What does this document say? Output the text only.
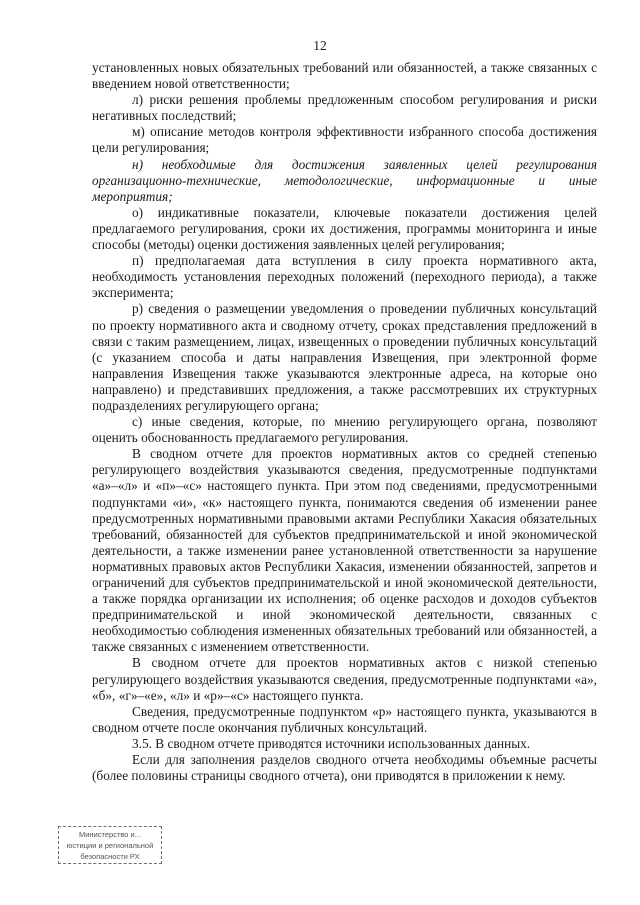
12

установленных новых обязательных требований или обязанностей, а также связанных с введением новой ответственности;

л) риски решения проблемы предложенным способом регулирования и риски негативных последствий;

м) описание методов контроля эффективности избранного способа достижения цели регулирования;

н) необходимые для достижения заявленных целей регулирования организационно-технические, методологические, информационные и иные мероприятия;

о) индикативные показатели, ключевые показатели достижения целей предлагаемого регулирования, сроки их достижения, программы мониторинга и иные способы (методы) оценки достижения заявленных целей регулирования;

п) предполагаемая дата вступления в силу проекта нормативного акта, необходимость установления переходных положений (переходного периода), а также эксперимента;

р) сведения о размещении уведомления о проведении публичных консультаций по проекту нормативного акта и сводному отчету, сроках представления предложений в связи с таким размещением, лицах, извещенных о проведении публичных консультаций (с указанием способа и даты направления Извещения, при электронной форме направления Извещения также указываются электронные адреса, на которые оно направлено) и представивших предложения, а также рассмотревших их структурных подразделениях регулирующего органа;

с) иные сведения, которые, по мнению регулирующего органа, позволяют оценить обоснованность предлагаемого регулирования.

В сводном отчете для проектов нормативных актов со средней степенью регулирующего воздействия указываются сведения, предусмотренные подпунктами «а»–«л» и «п»–«с» настоящего пункта. При этом под сведениями, предусмотренными подпунктами «и», «к» настоящего пункта, понимаются сведения об изменении ранее предусмотренных нормативными правовыми актами Республики Хакасия обязательных требований, обязанностей для субъектов предпринимательской и иной экономической деятельности, а также изменении ранее установленной ответственности за нарушение нормативных правовых актов Республики Хакасия, изменении обязанностей, запретов и ограничений для субъектов предпринимательской и иной экономической деятельности, а также порядка организации их исполнения; об оценке расходов и доходов субъектов предпринимательской и иной экономической деятельности, связанных с необходимостью соблюдения измененных обязательных требований или обязанностей, а также связанных с изменением ответственности.

В сводном отчете для проектов нормативных актов с низкой степенью регулирующего воздействия указываются сведения, предусмотренные подпунктами «а», «б», «г»–«е», «л» и «р»–«с» настоящего пункта.

Сведения, предусмотренные подпунктом «р» настоящего пункта, указываются в сводном отчете после окончания публичных консультаций.

3.5. В сводном отчете приводятся источники использованных данных.

Если для заполнения разделов сводного отчета необходимы объемные расчеты (более половины страницы сводного отчета), они приводятся в приложении к нему.

Министерство и...
юстиции и региональной
безопасности РХ
